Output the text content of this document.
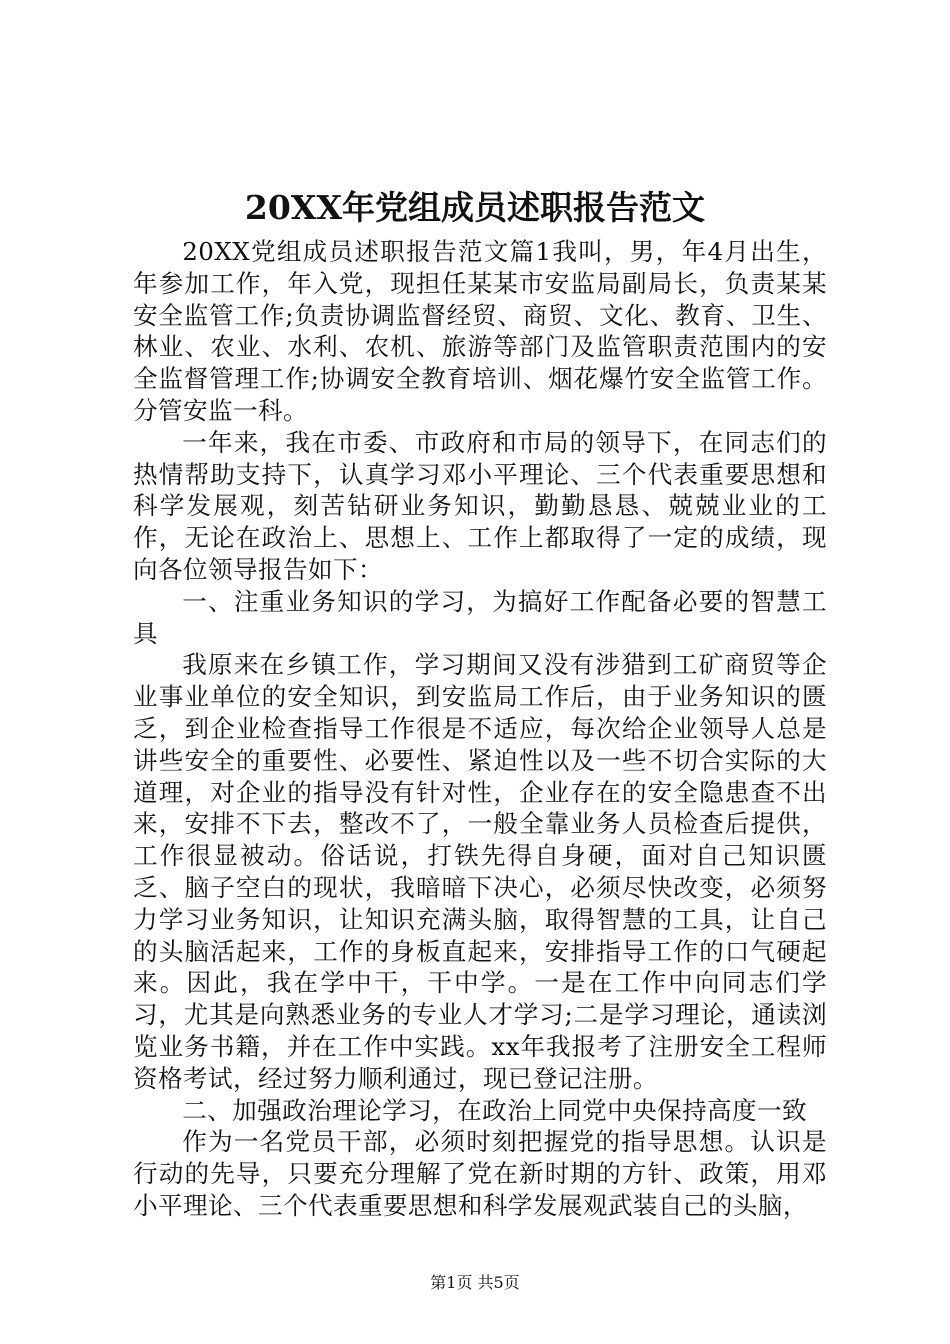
20XX年党组成员述职报告范文

20XX党组成员述职报告范文篇1我叫，男，年4月出生，年参加工作，年入党，现担任某某市安监局副局长，负责某某安全监管工作;负责协调监督经贸、商贸、文化、教育、卫生、林业、农业、水利、农机、旅游等部门及监管职责范围内的安全监督管理工作;协调安全教育培训、烟花爆竹安全监管工作。分管安监一科。

一年来，我在市委、市政府和市局的领导下，在同志们的热情帮助支持下，认真学习邓小平理论、三个代表重要思想和科学发展观，刻苦钻研业务知识，勤勤恳恳、兢兢业业的工作，无论在政治上、思想上、工作上都取得了一定的成绩，现向各位领导报告如下：

一、注重业务知识的学习，为搞好工作配备必要的智慧工具

我原来在乡镇工作，学习期间又没有涉猎到工矿商贸等企业事业单位的安全知识，到安监局工作后，由于业务知识的匮乏，到企业检查指导工作很是不适应，每次给企业领导人总是讲些安全的重要性、必要性、紧迫性以及一些不切合实际的大道理，对企业的指导没有针对性，企业存在的安全隐患查不出来，安排不下去，整改不了，一般全靠业务人员检查后提供，工作很显被动。俗话说，打铁先得自身硬，面对自己知识匮乏、脑子空白的现状，我暗暗下决心，必须尽快改变，必须努力学习业务知识，让知识充满头脑，取得智慧的工具，让自己的头脑活起来，工作的身板直起来，安排指导工作的口气硬起来。因此，我在学中干，干中学。一是在工作中向同志们学习，尤其是向熟悉业务的专业人才学习;二是学习理论，通读浏览业务书籍，并在工作中实践。xx年我报考了注册安全工程师资格考试，经过努力顺利通过，现已登记注册。

二、加强政治理论学习，在政治上同党中央保持高度一致

作为一名党员干部，必须时刻把握党的指导思想。认识是行动的先导，只要充分理解了党在新时期的方针、政策，用邓小平理论、三个代表重要思想和科学发展观武装自己的头脑，

第1页 共5页
